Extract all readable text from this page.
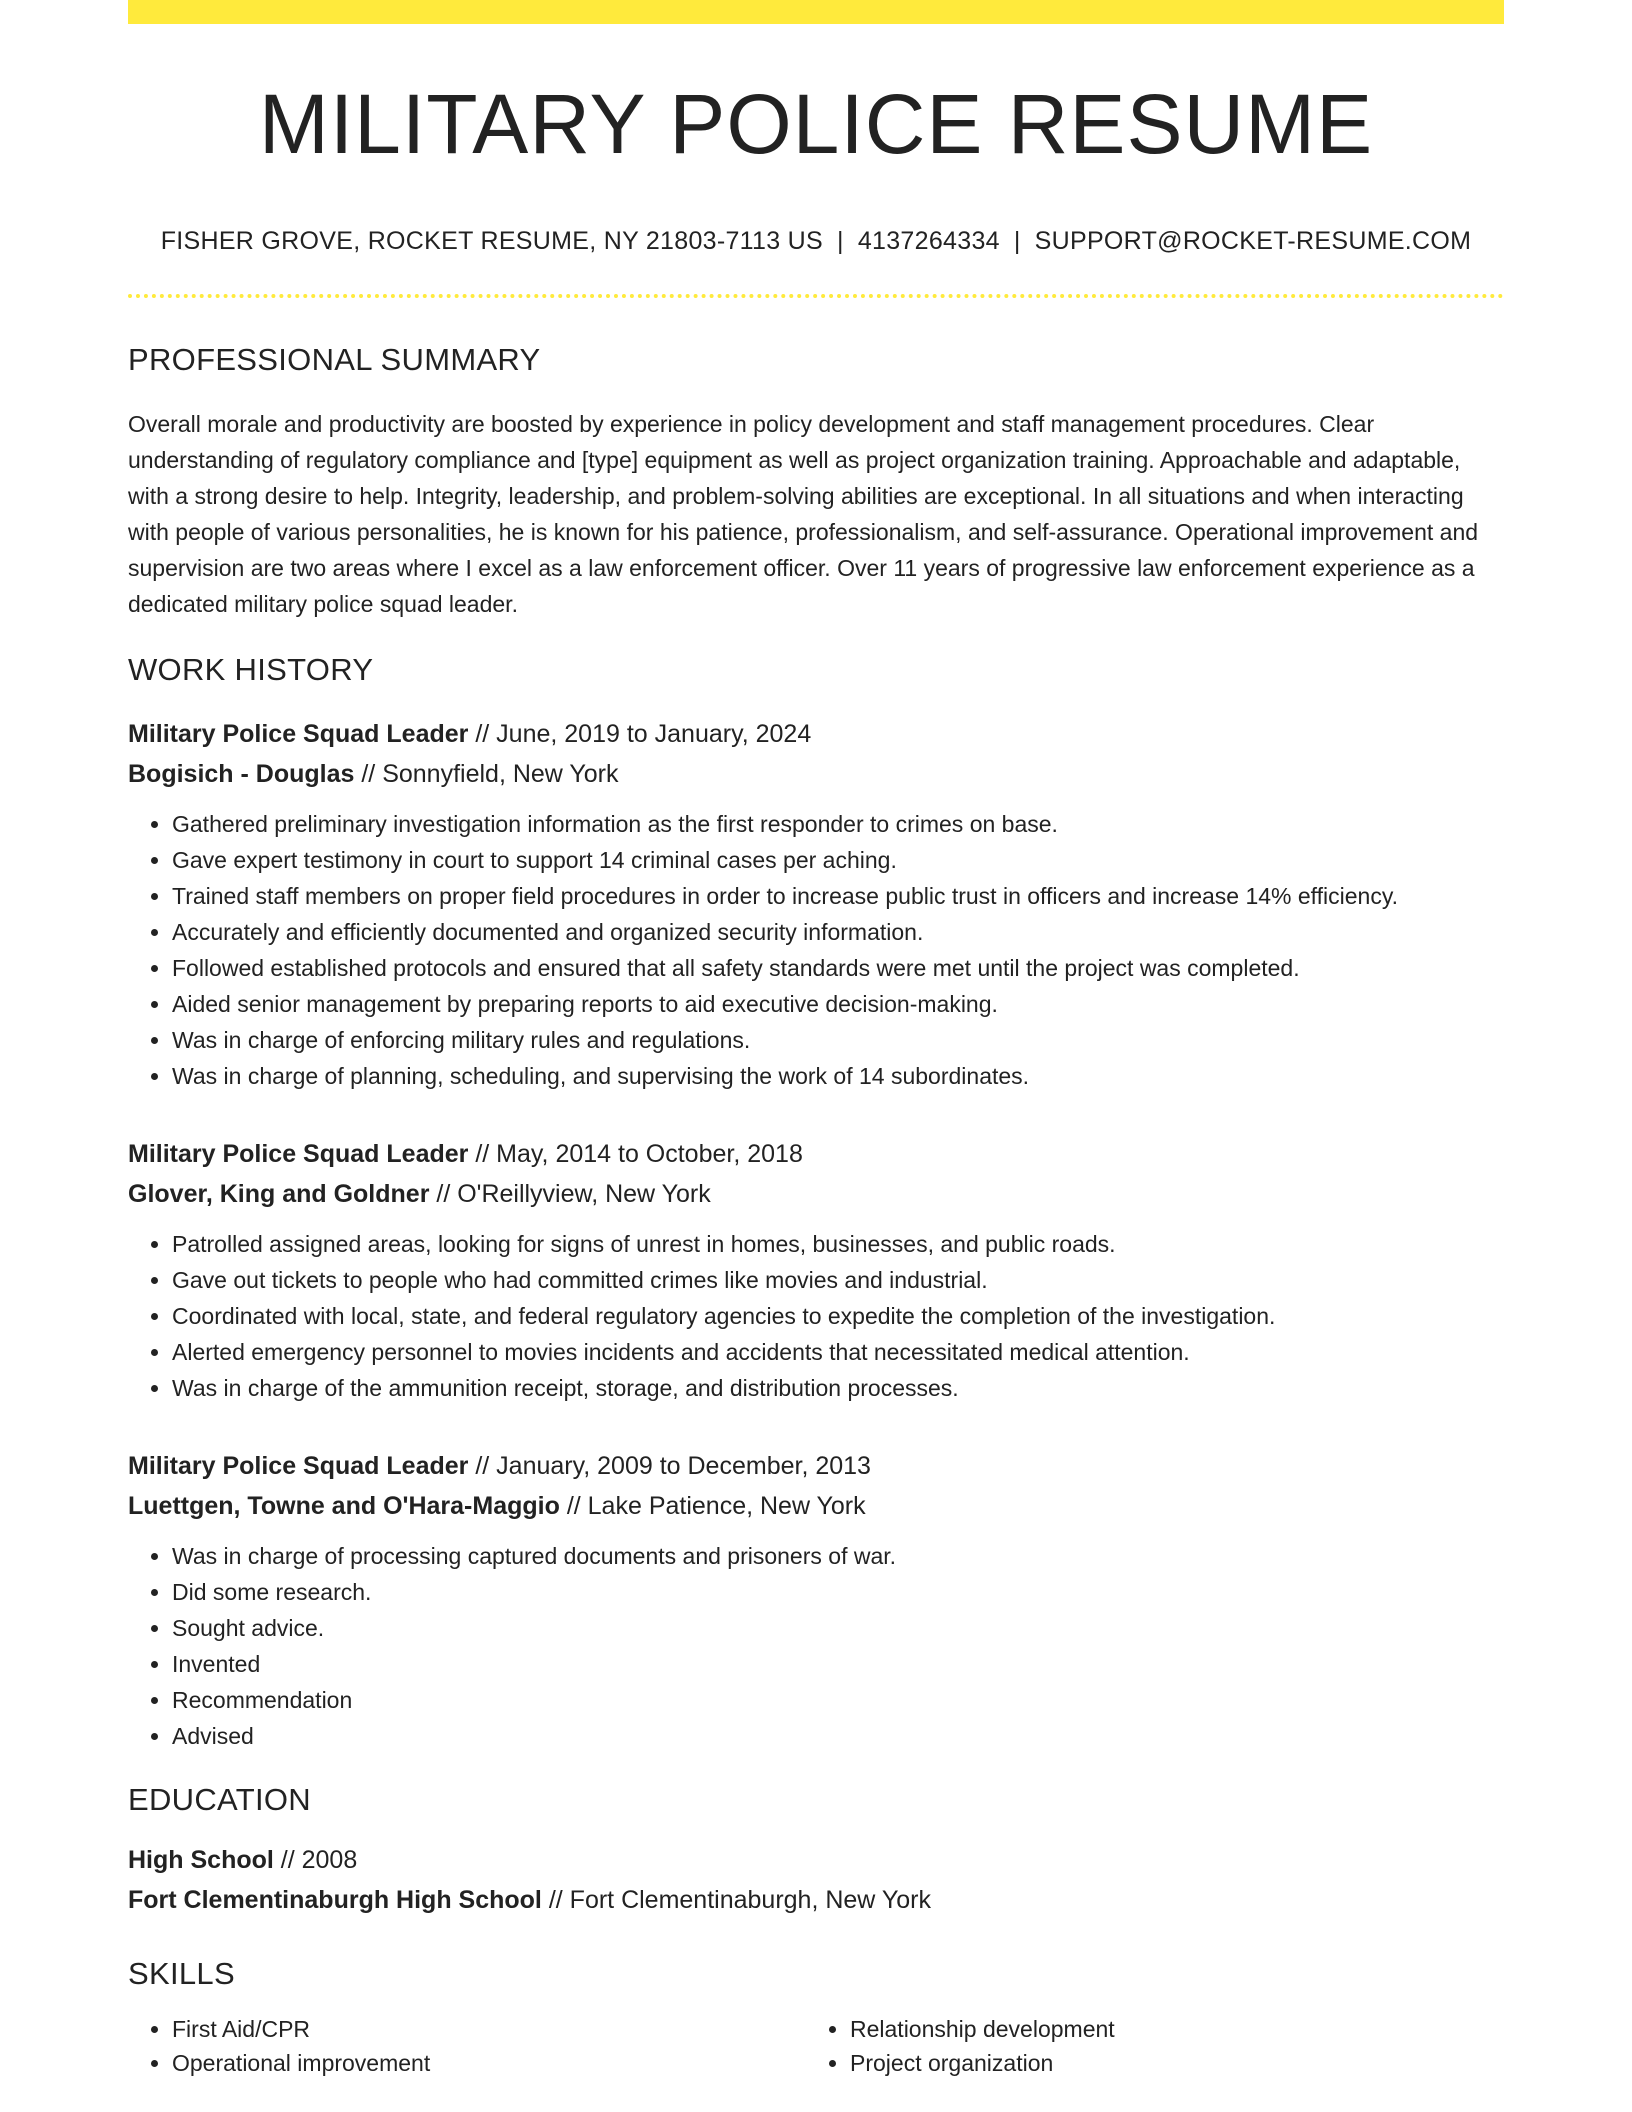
MILITARY POLICE RESUME
FISHER GROVE, ROCKET RESUME, NY 21803-7113 US | 4137264334 | SUPPORT@ROCKET-RESUME.COM
PROFESSIONAL SUMMARY

Overall morale and productivity are boosted by experience in policy development and staff management procedures. Clear understanding of regulatory compliance and [type] equipment as well as project organization training. Approachable and adaptable, with a strong desire to help. Integrity, leadership, and problem-solving abilities are exceptional. In all situations and when interacting with people of various personalities, he is known for his patience, professionalism, and self-assurance. Operational improvement and supervision are two areas where I excel as a law enforcement officer. Over 11 years of progressive law enforcement experience as a dedicated military police squad leader.

WORK HISTORY
Military Police Squad Leader // June, 2019 to January, 2024
Bogisich - Douglas // Sonnyfield, New York
• Gathered preliminary investigation information as the first responder to crimes on base.
• Gave expert testimony in court to support 14 criminal cases per aching.
• Trained staff members on proper field procedures in order to increase public trust in officers and increase 14% efficiency.
• Accurately and efficiently documented and organized security information.
• Followed established protocols and ensured that all safety standards were met until the project was completed.
• Aided senior management by preparing reports to aid executive decision-making.
• Was in charge of enforcing military rules and regulations.
• Was in charge of planning, scheduling, and supervising the work of 14 subordinates.
Military Police Squad Leader // May, 2014 to October, 2018
Glover, King and Goldner // O'Reillyview, New York
• Patrolled assigned areas, looking for signs of unrest in homes, businesses, and public roads.
• Gave out tickets to people who had committed crimes like movies and industrial.
• Coordinated with local, state, and federal regulatory agencies to expedite the completion of the investigation.
• Alerted emergency personnel to movies incidents and accidents that necessitated medical attention.
• Was in charge of the ammunition receipt, storage, and distribution processes.
Military Police Squad Leader // January, 2009 to December, 2013
Luettgen, Towne and O'Hara-Maggio // Lake Patience, New York
• Was in charge of processing captured documents and prisoners of war.
• Did some research.
• Sought advice.
• Invented
• Recommendation
• Advised
EDUCATION
High School // 2008
Fort Clementinaburgh High School // Fort Clementinaburgh, New York
SKILLS
• First Aid/CPR
• Operational improvement
• Relationship development
• Project organization
